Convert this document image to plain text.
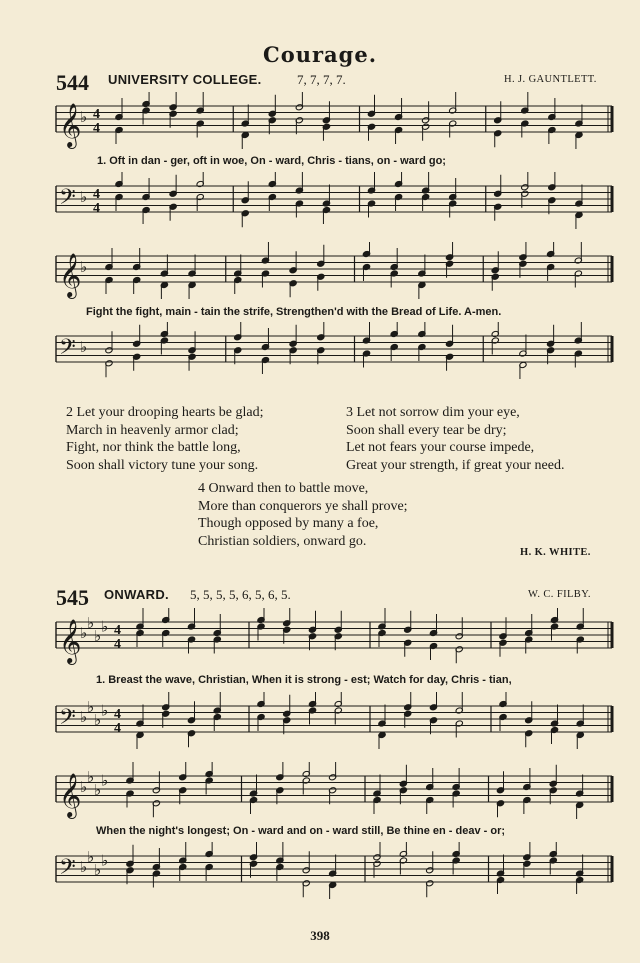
Courage.
544 UNIVERSITY COLLEGE.	7, 7, 7, 7.	H. J. GAUNTLETT.
𝄞
♭ 4
4
1. Oft in dan - ger, oft in woe, On - ward, Chris - tians, on - ward go;
𝄢 ♭ 4
4
𝄞
♭
Fight the fight, main - tain the strife, Strengthen'd with the Bread of Life. A-men.
𝄢 ♭
2 Let your drooping hearts be glad;
March in heavenly armor clad;
Fight, nor think the battle long,
Soon shall victory tune your song.
3 Let not sorrow dim your eye,
Soon shall every tear be dry;
Let not fears your course impede,
Great your strength, if great your need.
4 Onward then to battle move,
More than conquerors ye shall prove;
Though opposed by many a foe,
Christian soldiers, onward go.
H. K. WHITE.
545 ONWARD. 5, 5, 5, 5, 6, 5, 6, 5.	W. C. FILBY.
𝄞
♭
♭
♭
♭ 4
4
1. Breast the wave, Christian, When it is strong - est; Watch for day, Chris - tian,
𝄢 ♭
♭
♭
♭ 4
4
𝄞
♭
♭
♭
♭
When the night's longest; On - ward and on - ward still, Be thine en - deav - or;
𝄢 ♭
♭
♭
♭
398
